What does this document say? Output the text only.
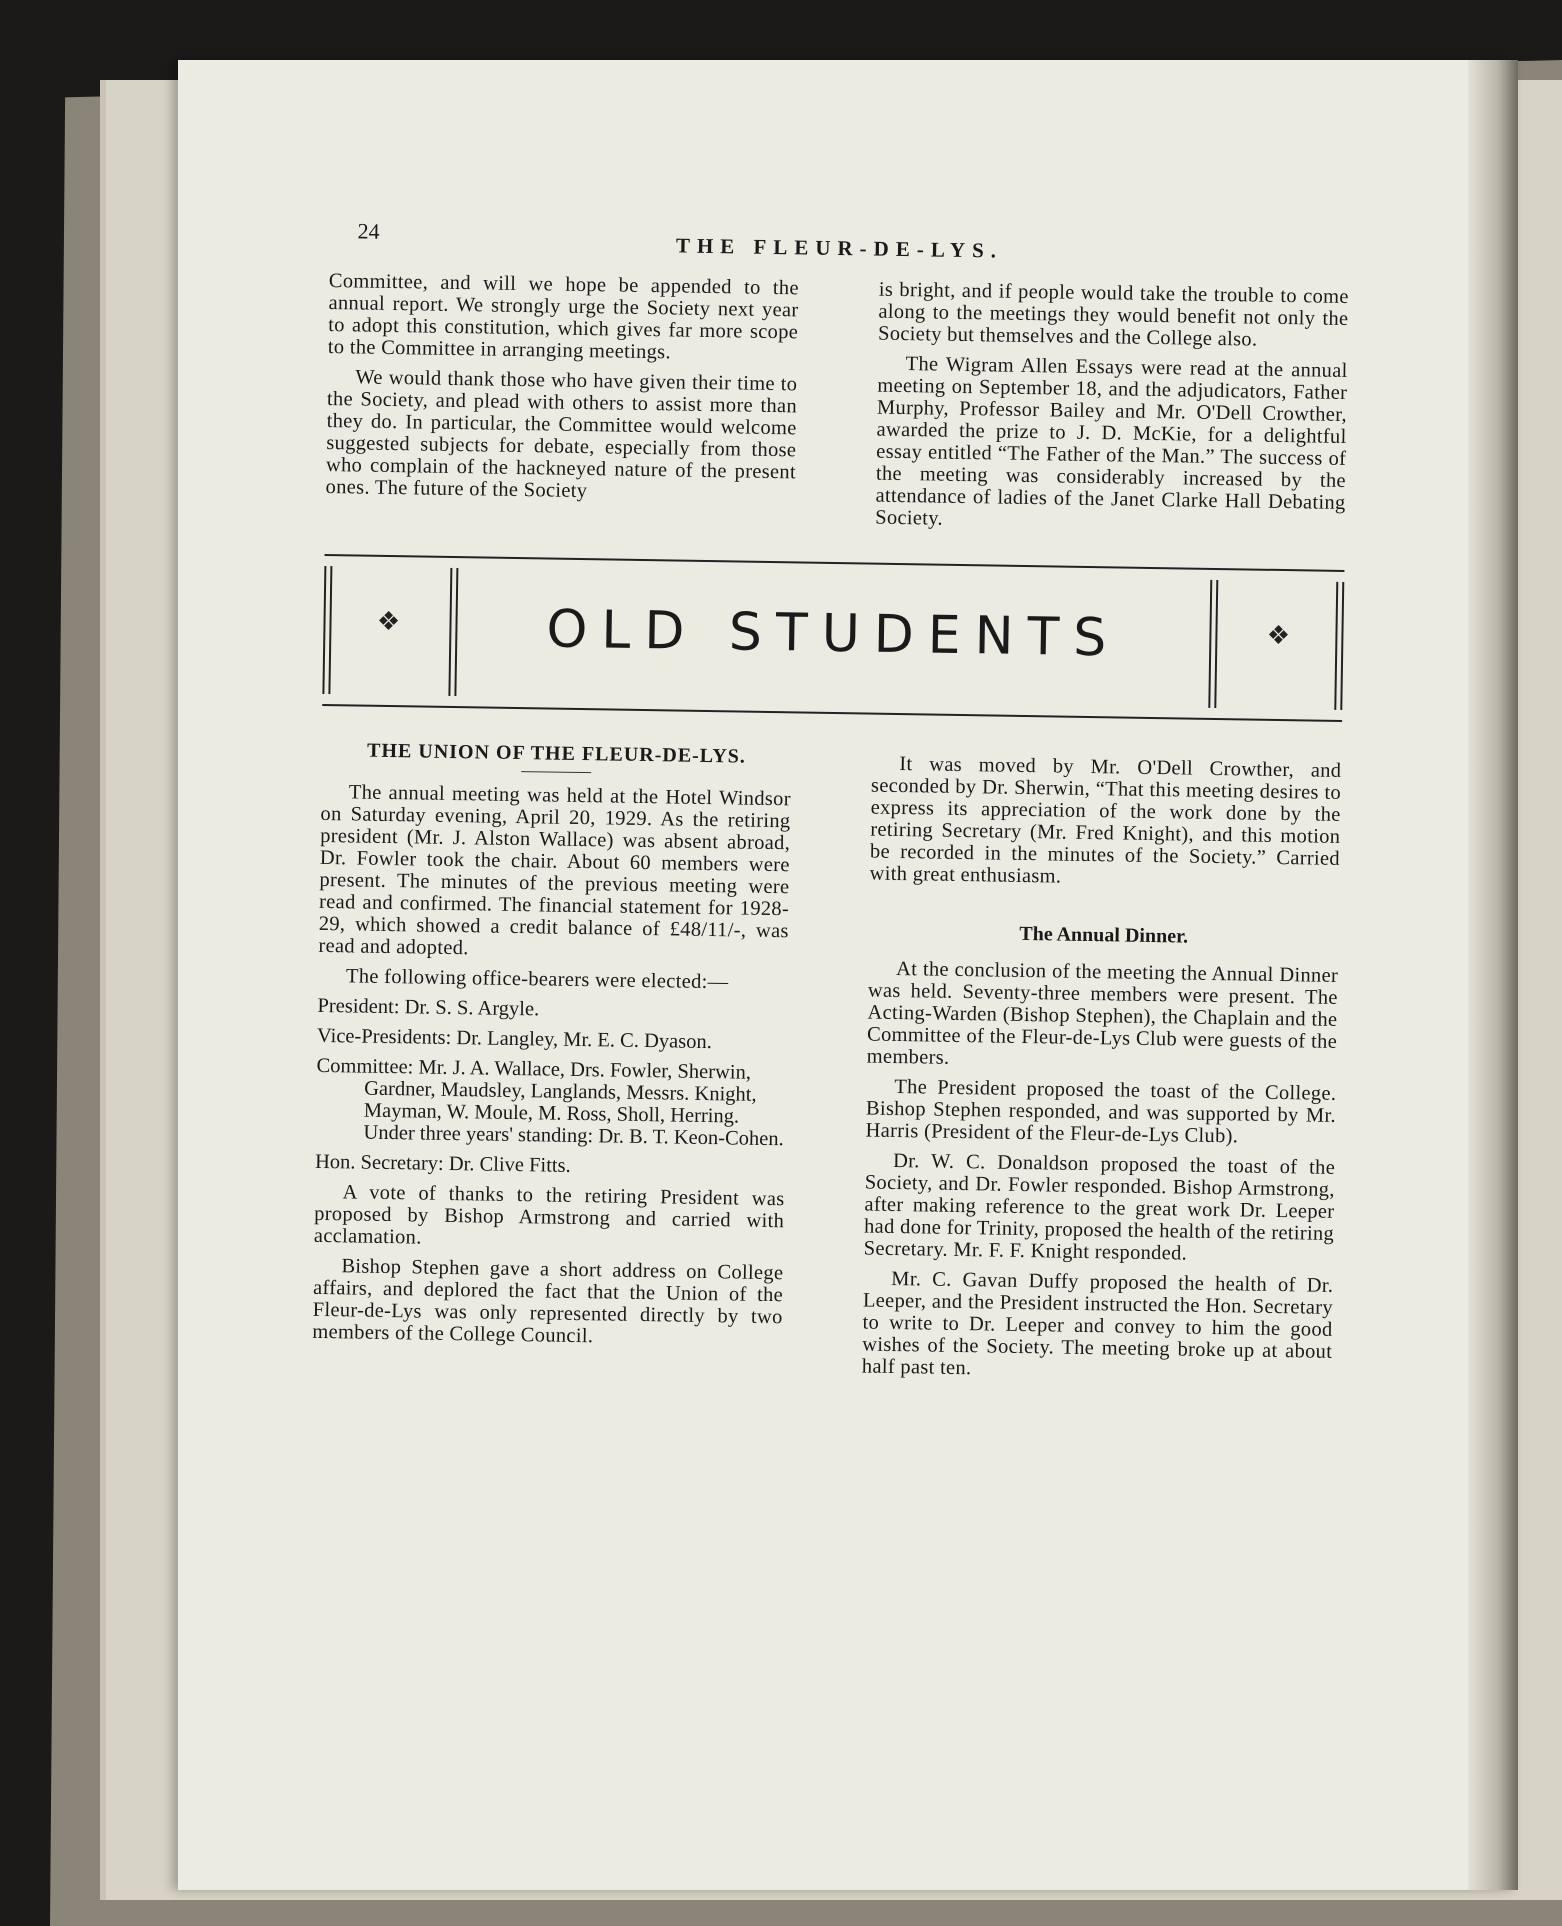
24
THE FLEUR-DE-LYS.

Committee, and will we hope be appended to the annual report. We strongly urge the Society next year to adopt this constitution, which gives far more scope to the Committee in arranging meetings.

We would thank those who have given their time to the Society, and plead with others to assist more than they do. In particular, the Committee would welcome suggested subjects for debate, especially from those who complain of the hackneyed nature of the present ones. The future of the Society

is bright, and if people would take the trouble to come along to the meetings they would benefit not only the Society but themselves and the College also.

The Wigram Allen Essays were read at the annual meeting on September 18, and the adjudicators, Father Murphy, Professor Bailey and Mr. O'Dell Crowther, awarded the prize to J. D. McKie, for a delightful essay entitled “The Father of the Man.” The success of the meeting was considerably increased by the attendance of ladies of the Janet Clarke Hall Debating Society.

❖	OLD STUDENTS	❖
THE UNION OF THE FLEUR-DE-LYS.

The annual meeting was held at the Hotel Windsor on Saturday evening, April 20, 1929. As the retiring president (Mr. J. Alston Wallace) was absent abroad, Dr. Fowler took the chair. About 60 members were present. The minutes of the previous meeting were read and confirmed. The financial statement for 1928-29, which showed a credit balance of £48/11/-, was read and adopted.

The following office-bearers were elected:—

President: Dr. S. S. Argyle.
Vice-Presidents: Dr. Langley, Mr. E. C. Dyason.
Committee: Mr. J. A. Wallace, Drs. Fowler, Sherwin, Gardner, Maudsley, Langlands, Messrs. Knight, Mayman, W. Moule, M. Ross, Sholl, Herring. Under three years' standing: Dr. B. T. Keon-Cohen.
Hon. Secretary: Dr. Clive Fitts.

A vote of thanks to the retiring President was proposed by Bishop Armstrong and carried with acclamation.

Bishop Stephen gave a short address on College affairs, and deplored the fact that the Union of the Fleur-de-Lys was only represented directly by two members of the College Council.

It was moved by Mr. O'Dell Crowther, and seconded by Dr. Sherwin, “That this meeting desires to express its appreciation of the work done by the retiring Secretary (Mr. Fred Knight), and this motion be recorded in the minutes of the Society.” Carried with great enthusiasm.

The Annual Dinner.

At the conclusion of the meeting the Annual Dinner was held. Seventy-three members were present. The Acting-Warden (Bishop Stephen), the Chaplain and the Committee of the Fleur-de-Lys Club were guests of the members.

The President proposed the toast of the College. Bishop Stephen responded, and was supported by Mr. Harris (President of the Fleur-de-Lys Club).

Dr. W. C. Donaldson proposed the toast of the Society, and Dr. Fowler responded. Bishop Armstrong, after making reference to the great work Dr. Leeper had done for Trinity, proposed the health of the retiring Secretary. Mr. F. F. Knight responded.

Mr. C. Gavan Duffy proposed the health of Dr. Leeper, and the President instructed the Hon. Secretary to write to Dr. Leeper and convey to him the good wishes of the Society. The meeting broke up at about half past ten.
